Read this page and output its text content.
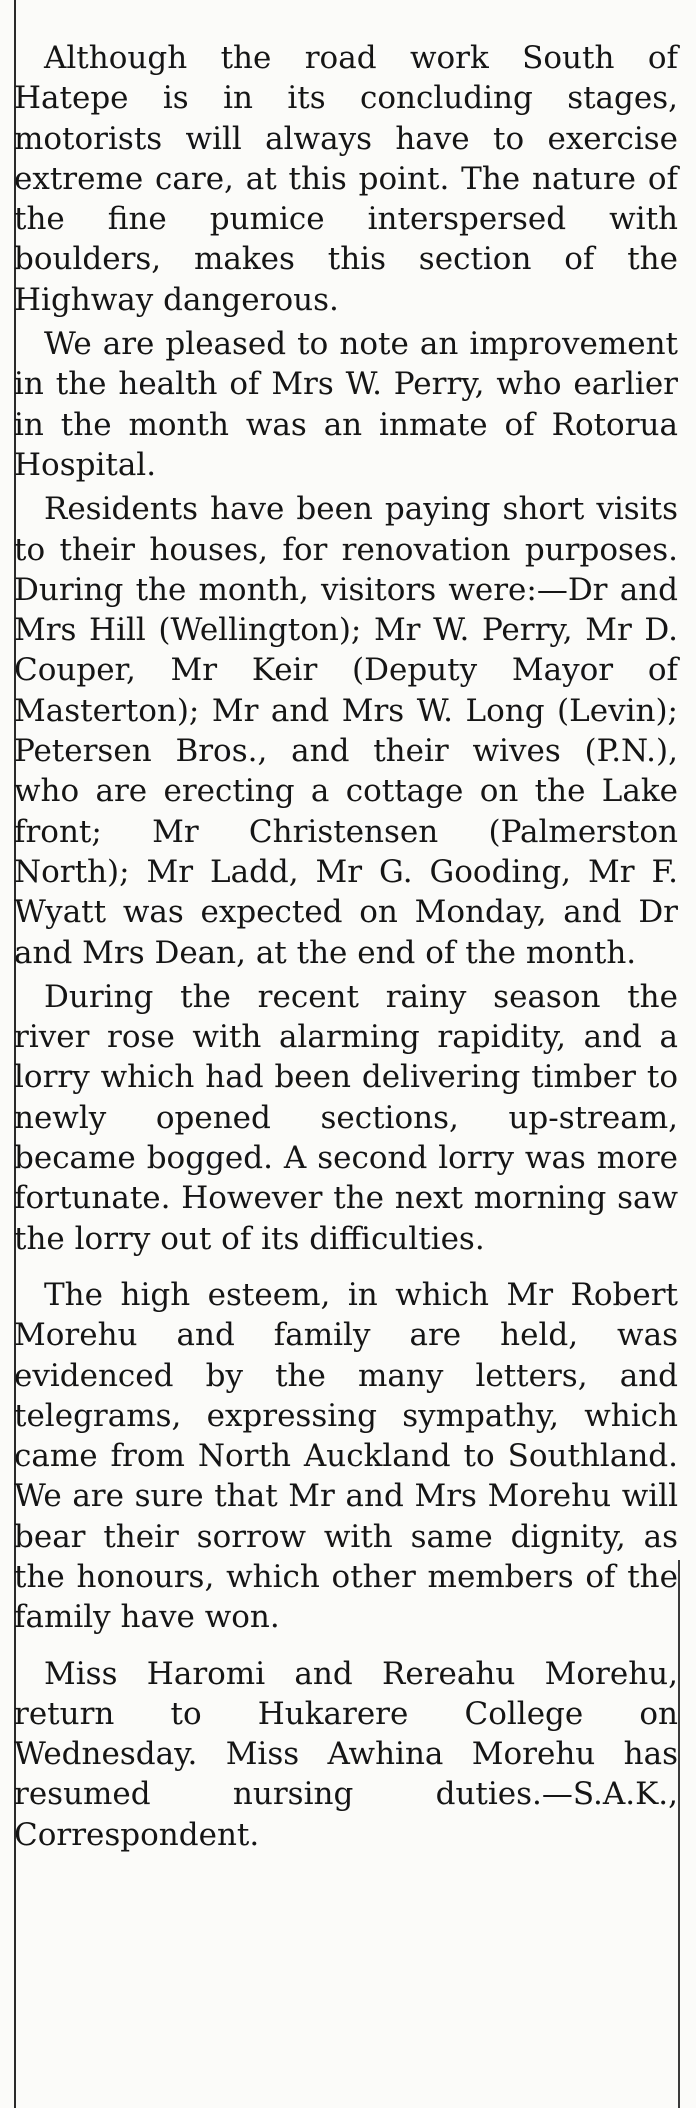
Although the road work South of Hatepe is in its concluding stages, motorists will always have to exercise extreme care, at this point. The nature of the fine pumice interspersed with boulders, makes this section of the Highway dangerous.

We are pleased to note an improvement in the health of Mrs W. Perry, who earlier in the month was an inmate of Rotorua Hospital.

Residents have been paying short visits to their houses, for renovation purposes. During the month, visitors were:—Dr and Mrs Hill (Wellington); Mr W. Perry, Mr D. Couper, Mr Keir (Deputy Mayor of Masterton); Mr and Mrs W. Long (Levin); Petersen Bros., and their wives (P.N.), who are erecting a cottage on the Lake front; Mr Christensen (Palmerston North); Mr Ladd, Mr G. Gooding, Mr F. Wyatt was expected on Monday, and Dr and Mrs Dean, at the end of the month.

During the recent rainy season the river rose with alarming rapidity, and a lorry which had been delivering timber to newly opened sections, up-stream, became bogged. A second lorry was more fortunate. However the next morning saw the lorry out of its difficulties.

The high esteem, in which Mr Robert Morehu and family are held, was evidenced by the many letters, and telegrams, expressing sympathy, which came from North Auckland to Southland. We are sure that Mr and Mrs Morehu will bear their sorrow with same dignity, as the honours, which other members of the family have won.

Miss Haromi and Rereahu Morehu, return to Hukarere College on Wednesday. Miss Awhina Morehu has resumed nursing duties.—S.A.K., Correspondent.
